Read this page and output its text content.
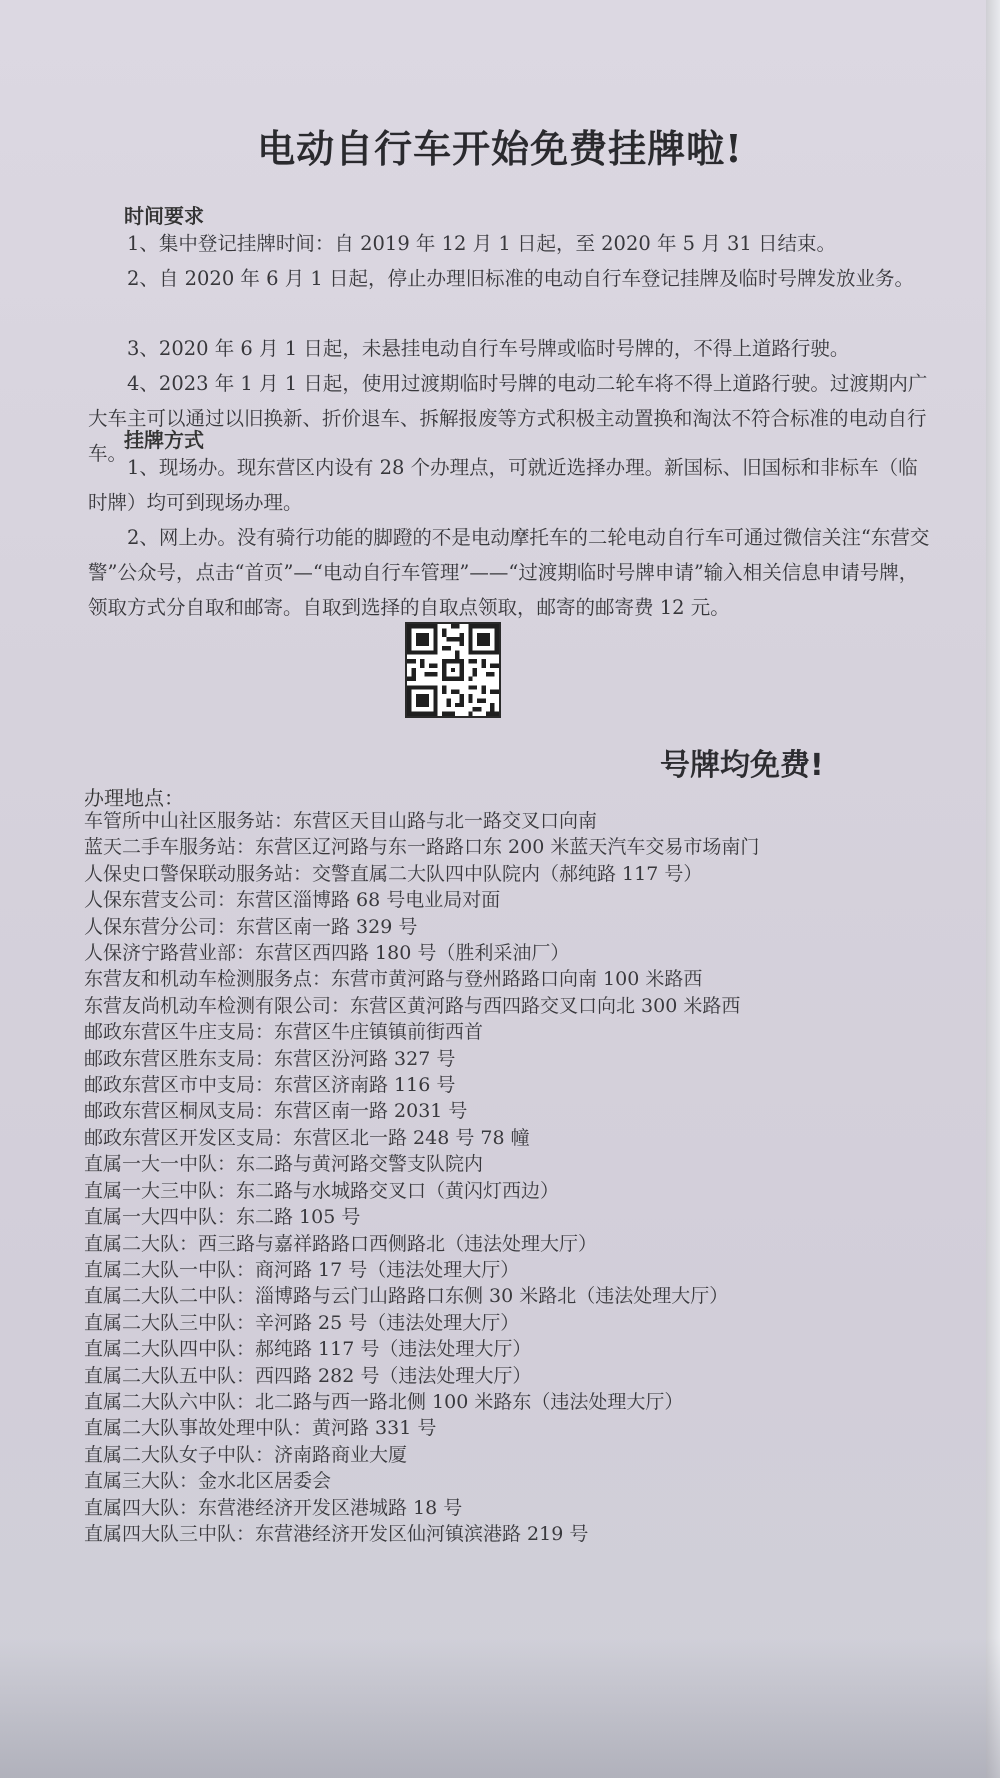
电动自行车开始免费挂牌啦!
时间要求
1、集中登记挂牌时间：自 2019 年 12 月 1 日起，至 2020 年 5 月 31 日结束。
2、自 2020 年 6 月 1 日起，停止办理旧标准的电动自行车登记挂牌及临时号牌发放业务。
3、2020 年 6 月 1 日起，未悬挂电动自行车号牌或临时号牌的，不得上道路行驶。
4、2023 年 1 月 1 日起，使用过渡期临时号牌的电动二轮车将不得上道路行驶。过渡期内广大车主可以通过以旧换新、折价退车、拆解报废等方式积极主动置换和淘汰不符合标准的电动自行车。
挂牌方式
1、现场办。现东营区内设有 28 个办理点，可就近选择办理。新国标、旧国标和非标车（临时牌）均可到现场办理。
2、网上办。没有骑行功能的脚蹬的不是电动摩托车的二轮电动自行车可通过微信关注“东营交警”公众号，点击“首页”—“电动自行车管理”——“过渡期临时号牌申请”输入相关信息申请号牌，领取方式分自取和邮寄。自取到选择的自取点领取，邮寄的邮寄费 12 元。
号牌均免费!
办理地点：
车管所中山社区服务站：东营区天目山路与北一路交叉口向南
蓝天二手车服务站：东营区辽河路与东一路路口东 200 米蓝天汽车交易市场南门
人保史口警保联动服务站：交警直属二大队四中队院内（郝纯路 117 号）
人保东营支公司：东营区淄博路 68 号电业局对面
人保东营分公司：东营区南一路 329 号
人保济宁路营业部：东营区西四路 180 号（胜利采油厂）
东营友和机动车检测服务点：东营市黄河路与登州路路口向南 100 米路西
东营友尚机动车检测有限公司：东营区黄河路与西四路交叉口向北 300 米路西
邮政东营区牛庄支局：东营区牛庄镇镇前街西首
邮政东营区胜东支局：东营区汾河路 327 号
邮政东营区市中支局：东营区济南路 116 号
邮政东营区桐凤支局：东营区南一路 2031 号
邮政东营区开发区支局：东营区北一路 248 号 78 幢
直属一大一中队：东二路与黄河路交警支队院内
直属一大三中队：东二路与水城路交叉口（黄闪灯西边）
直属一大四中队：东二路 105 号
直属二大队：西三路与嘉祥路路口西侧路北（违法处理大厅）
直属二大队一中队：商河路 17 号（违法处理大厅）
直属二大队二中队：淄博路与云门山路路口东侧 30 米路北（违法处理大厅）
直属二大队三中队：辛河路 25 号（违法处理大厅）
直属二大队四中队：郝纯路 117 号（违法处理大厅）
直属二大队五中队：西四路 282 号（违法处理大厅）
直属二大队六中队：北二路与西一路北侧 100 米路东（违法处理大厅）
直属二大队事故处理中队：黄河路 331 号
直属二大队女子中队：济南路商业大厦
直属三大队：金水北区居委会
直属四大队：东营港经济开发区港城路 18 号
直属四大队三中队：东营港经济开发区仙河镇滨港路 219 号
